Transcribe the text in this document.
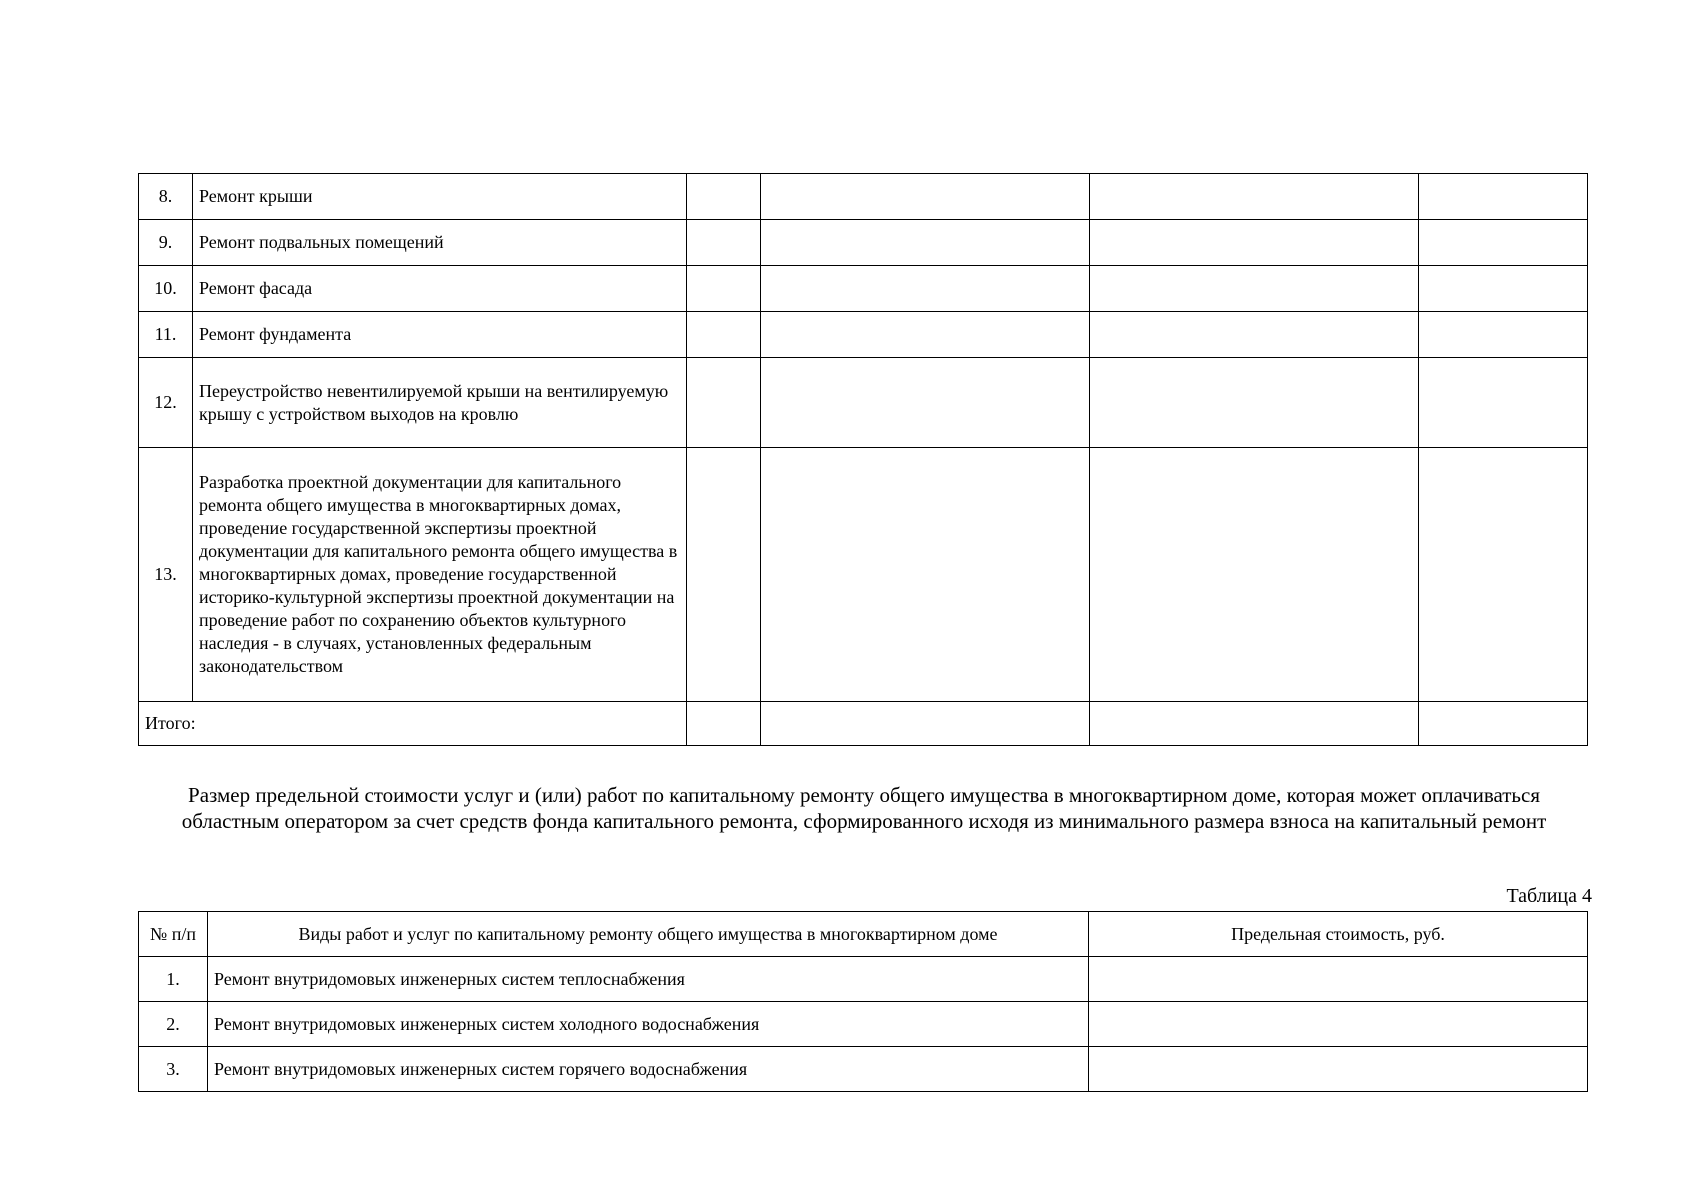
8.	Ремонт крыши				
9.	Ремонт подвальных помещений				
10.	Ремонт фасада				
11.	Ремонт фундамента				
12.	Переустройство невентилируемой крыши на вентилируемую крышу с устройством выходов на кровлю				
13.	Разработка проектной документации для капитального ремонта общего имущества в многоквартирных домах, проведение государственной экспертизы проектной документации для капитального ремонта общего имущества в многоквартирных домах, проведение государственной историко-культурной экспертизы проектной документации на проведение работ по сохранению объектов культурного наследия - в случаях, установленных федеральным законодательством				
Итого:					
Размер предельной стоимости услуг и (или) работ по капитальному ремонту общего имущества в многоквартирном доме, которая может оплачиваться областным оператором за счет средств фонда капитального ремонта, сформированного исходя из минимального размера взноса на капитальный ремонт
Таблица 4
№ п/п	Виды работ и услуг по капитальному ремонту общего имущества в многоквартирном доме	Предельная стоимость, руб.
1.	Ремонт внутридомовых инженерных систем теплоснабжения	
2.	Ремонт внутридомовых инженерных систем холодного водоснабжения	
3.	Ремонт внутридомовых инженерных систем горячего водоснабжения	
